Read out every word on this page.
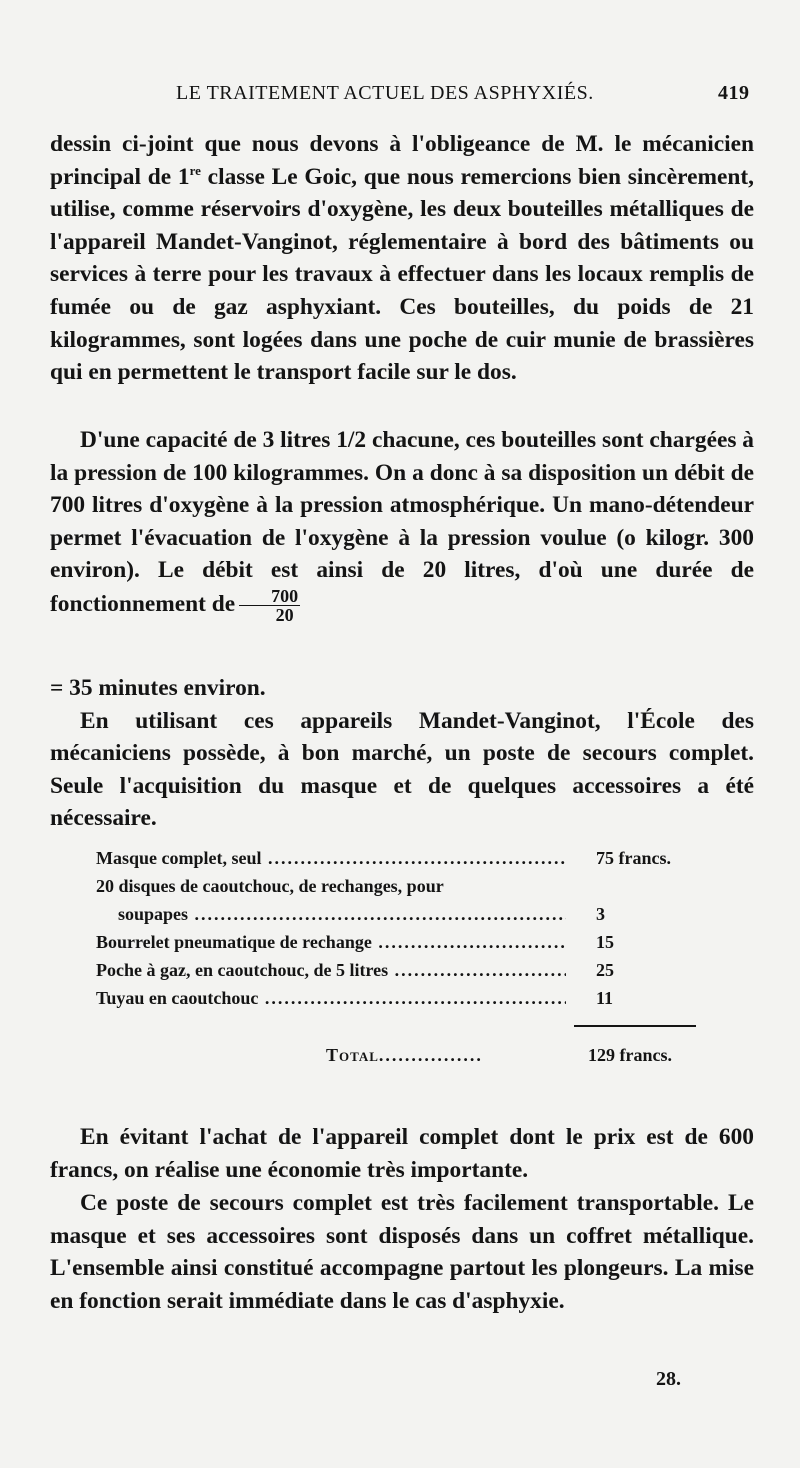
LE TRAITEMENT ACTUEL DES ASPHYXIÉS.	419

dessin ci-joint que nous devons à l'obligeance de M. le mécanicien principal de 1re classe Le Goic, que nous remercions bien sincèrement, utilise, comme réservoirs d'oxygène, les deux bouteilles métalliques de l'appareil Mandet-Vanginot, réglementaire à bord des bâtiments ou services à terre pour les travaux à effectuer dans les locaux remplis de fumée ou de gaz asphyxiant. Ces bouteilles, du poids de 21 kilogrammes, sont logées dans une poche de cuir munie de brassières qui en permettent le transport facile sur le dos.

D'une capacité de 3 litres 1/2 chacune, ces bouteilles sont chargées à la pression de 100 kilogrammes. On a donc à sa disposition un débit de 700 litres d'oxygène à la pression atmosphérique. Un mano-détendeur permet l'évacuation de l'oxygène à la pression voulue (o kilogr. 300 environ). Le débit est ainsi de 20 litres, d'où une durée de fonctionnement de $\frac{700}{20}$

= 35 minutes environ.

En utilisant ces appareils Mandet-Vanginot, l'École des mécaniciens possède, à bon marché, un poste de secours complet. Seule l'acquisition du masque et de quelques accessoires a été nécessaire.

Masque complet, seul .....	75 francs.
20 disques de caoutchouc, de rechanges, pour
soupapes .....	3
Bourrelet pneumatique de rechange .....	15
Poche à gaz, en caoutchouc, de 5 litres .....	25
Tuyau en caoutchouc .....	11
Total................	129 francs.

En évitant l'achat de l'appareil complet dont le prix est de 600 francs, on réalise une économie très importante.

Ce poste de secours complet est très facilement transportable. Le masque et ses accessoires sont disposés dans un coffret métallique. L'ensemble ainsi constitué accompagne partout les plongeurs. La mise en fonction serait immédiate dans le cas d'asphyxie.

28.
